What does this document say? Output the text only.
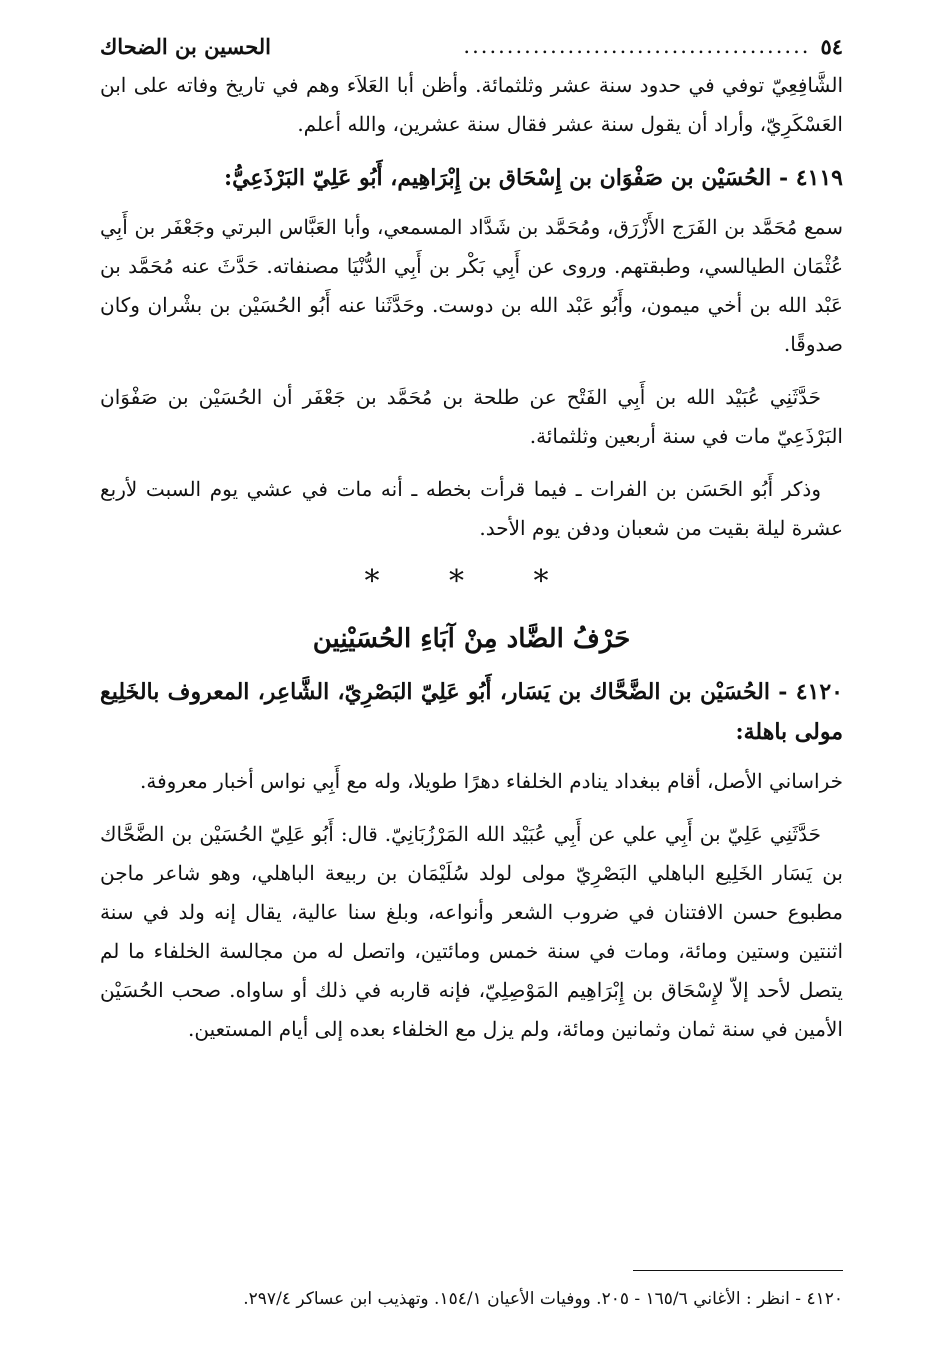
٥٤
........................................
الحسين بن الضحاك

الشَّافِعِيّ توفي في حدود سنة عشر وثلثمائة. وأظن أبا العَلاَء وهم في تاريخ وفاته على ابن العَسْكَرِيّ، وأراد أن يقول سنة عشر فقال سنة عشرين، والله أعلم.

٤١١٩ - الحُسَيْن بن صَفْوَان بن إِسْحَاق بن إِبْرَاهِيم، أَبُو عَلِيّ البَرْذَعِيُّ:

سمع مُحَمَّد بن الفَرَج الأَزْرَق، ومُحَمَّد بن شَدَّاد المسمعي، وأبا العَبَّاس البرتي وجَعْفَر بن أَبِي عُثْمَان الطيالسي، وطبقتهم. وروى عن أَبِي بَكْر بن أَبِي الدُّنْيَا مصنفاته. حَدَّثَ عنه مُحَمَّد بن عَبْد الله بن أخي ميمون، وأَبُو عَبْد الله بن دوست. وحَدَّثَنا عنه أَبُو الحُسَيْن بن بشْران وكان صدوقًا.

حَدَّثَنِي عُبَيْد الله بن أَبِي الفَتْح عن طلحة بن مُحَمَّد بن جَعْفَر أن الحُسَيْن بن صَفْوَان البَرْذَعِيّ مات في سنة أربعين وثلثمائة.

وذكر أَبُو الحَسَن بن الفرات ـ فيما قرأت بخطه ـ أنه مات في عشي يوم السبت لأربع عشرة ليلة بقيت من شعبان ودفن يوم الأحد.

* * *
حَرْفُ الضَّاد مِنْ آبَاءِ الحُسَيْنِين
٤١٢٠ - الحُسَيْن بن الضَّحَّاك بن يَسَار، أَبُو عَلِيّ البَصْرِيّ، الشَّاعِر، المعروف بالخَلِيع مولى باهلة:

خراساني الأصل، أقام ببغداد ينادم الخلفاء دهرًا طويلا، وله مع أَبِي نواس أخبار معروفة.

حَدَّثَنِي عَلِيّ بن أَبِي علي عن أَبِي عُبَيْد الله المَرْزُبَانِيّ. قال: أَبُو عَلِيّ الحُسَيْن بن الضَّحَّاك بن يَسَار الخَلِيع الباهلي البَصْرِيّ مولى لولد سُلَيْمَان بن ربيعة الباهلي، وهو شاعر ماجن مطبوع حسن الافتنان في ضروب الشعر وأنواعه، وبلغ سنا عالية، يقال إنه ولد في سنة اثنتين وستين ومائة، ومات في سنة خمس ومائتين، واتصل له من مجالسة الخلفاء ما لم يتصل لأحد إلاّ لإِسْحَاق بن إِبْرَاهِيم المَوْصِلِيّ، فإنه قاربه في ذلك أو ساواه. صحب الحُسَيْن الأمين في سنة ثمان وثمانين ومائة، ولم يزل مع الخلفاء بعده إلى أيام المستعين.

٤١٢٠ - انظر : الأغاني ١٦٥/٦ - ٢٠٥. ووفيات الأعيان ١٥٤/١. وتهذيب ابن عساكر ٢٩٧/٤.
